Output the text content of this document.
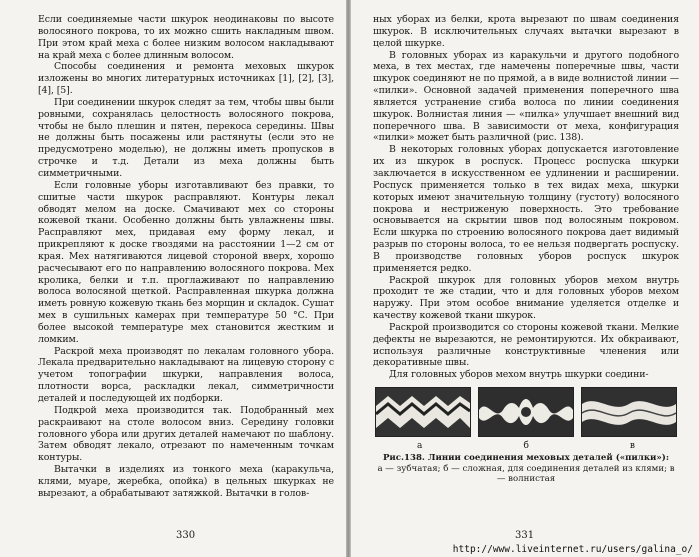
Если соединяемые части шкурок неодинаковы по высоте волосяного покрова, то их можно сшить накладным швом. При этом край меха с более низким волосом накладывают на край меха с более длинным волосом.

Способы соединения и ремонта меховых шкурок изложены во многих литературных источниках [1], [2], [3], [4], [5].

При соединении шкурок следят за тем, чтобы швы были ровными, сохранялась целостность волосяного покрова, чтобы не было плешин и пятен, перекоса середины. Швы не должны быть посажены или растянуты (если это не предусмотрено моделью), не должны иметь пропусков в строчке и т.д. Детали из меха должны быть симметричными.

Если головные уборы изготавливают без правки, то сшитые части шкурок расправляют. Контуры лекал обводят мелом на доске. Смачивают мех со стороны кожевой ткани. Особенно должны быть увлажнены швы. Расправляют мех, придавая ему форму лекал, и прикрепляют к доске гвоздями на расстоянии 1—2 см от края. Мех натягиваются лицевой стороной вверх, хорошо расчесывают его по направлению волосяного покрова. Мех кролика, белки и т.п. проглаживают по направлению волоса волосяной щеткой. Расправленная шкурка должна иметь ровную кожевую ткань без морщин и складок. Сушат мех в сушильных камерах при температуре 50 °С. При более высокой температуре мех становится жестким и ломким.

Раскрой меха производят по лекалам головного убора. Лекала предварительно накладывают на лицевую сторону с учетом топографии шкурки, направления волоса, плотности ворса, раскладки лекал, симметричности деталей и последующей их подборки.

Подкрой меха производится так. Подобранный мех раскраивают на столе волосом вниз. Середину головки головного убора или других деталей намечают по шаблону. Затем обводят лекало, отрезают по намеченным точкам контуры.

Вытачки в изделиях из тонкого меха (каракульча, клями, муаре, жеребка, опойка) в цельных шкурках не вырезают, а обрабатывают затяжкой. Вытачки в голов-

330

ных уборах из белки, крота вырезают по швам соединения шкурок. В исключительных случаях вытачки вырезают в целой шкурке.

В головных уборах из каракульчи и другого подобного меха, в тех местах, где намечены поперечные швы, части шкурок соединяют не по прямой, а в виде волнистой линии — «пилки». Основной задачей применения поперечного шва является устранение сгиба волоса по линии соединения шкурок. Волнистая линия — «пилка» улучшает внешний вид поперечного шва. В зависимости от меха, конфигурация «пилки» может быть различной (рис. 138).

В некоторых головных уборах допускается изготовление их из шкурок в роспуск. Процесс роспуска шкурки заключается в искусственном ее удлинении и расширении. Роспуск применяется только в тех видах меха, шкурки которых имеют значительную толщину (густоту) волосяного покрова и нестриженую поверхность. Это требование основывается на скрытии швов под волосяным покровом. Если шкурка по строению волосяного покрова дает видимый разрыв по стороны волоса, то ее нельзя подвергать роспуску. В производстве головных уборов роспуск шкурок применяется редко.

Раскрой шкурок для головных уборов мехом внутрь проходит те же стадии, что и для головных уборов мехом наружу. При этом особое внимание уделяется отделке и качеству кожевой ткани шкурок.

Раскрой производится со стороны кожевой ткани. Мелкие дефекты не вырезаются, не ремонтируются. Их обкраивают, используя различные конструктивные членения или декоративные швы.

Для головных уборов мехом внутрь шкурки соедини-

а	б	в
Рис.138. Линии соединения меховых деталей («пилки»):
а — зубчатая; б — сложная, для соединения деталей из клями; в — волнистая
331
http://www.liveinternet.ru/users/galina_o/
